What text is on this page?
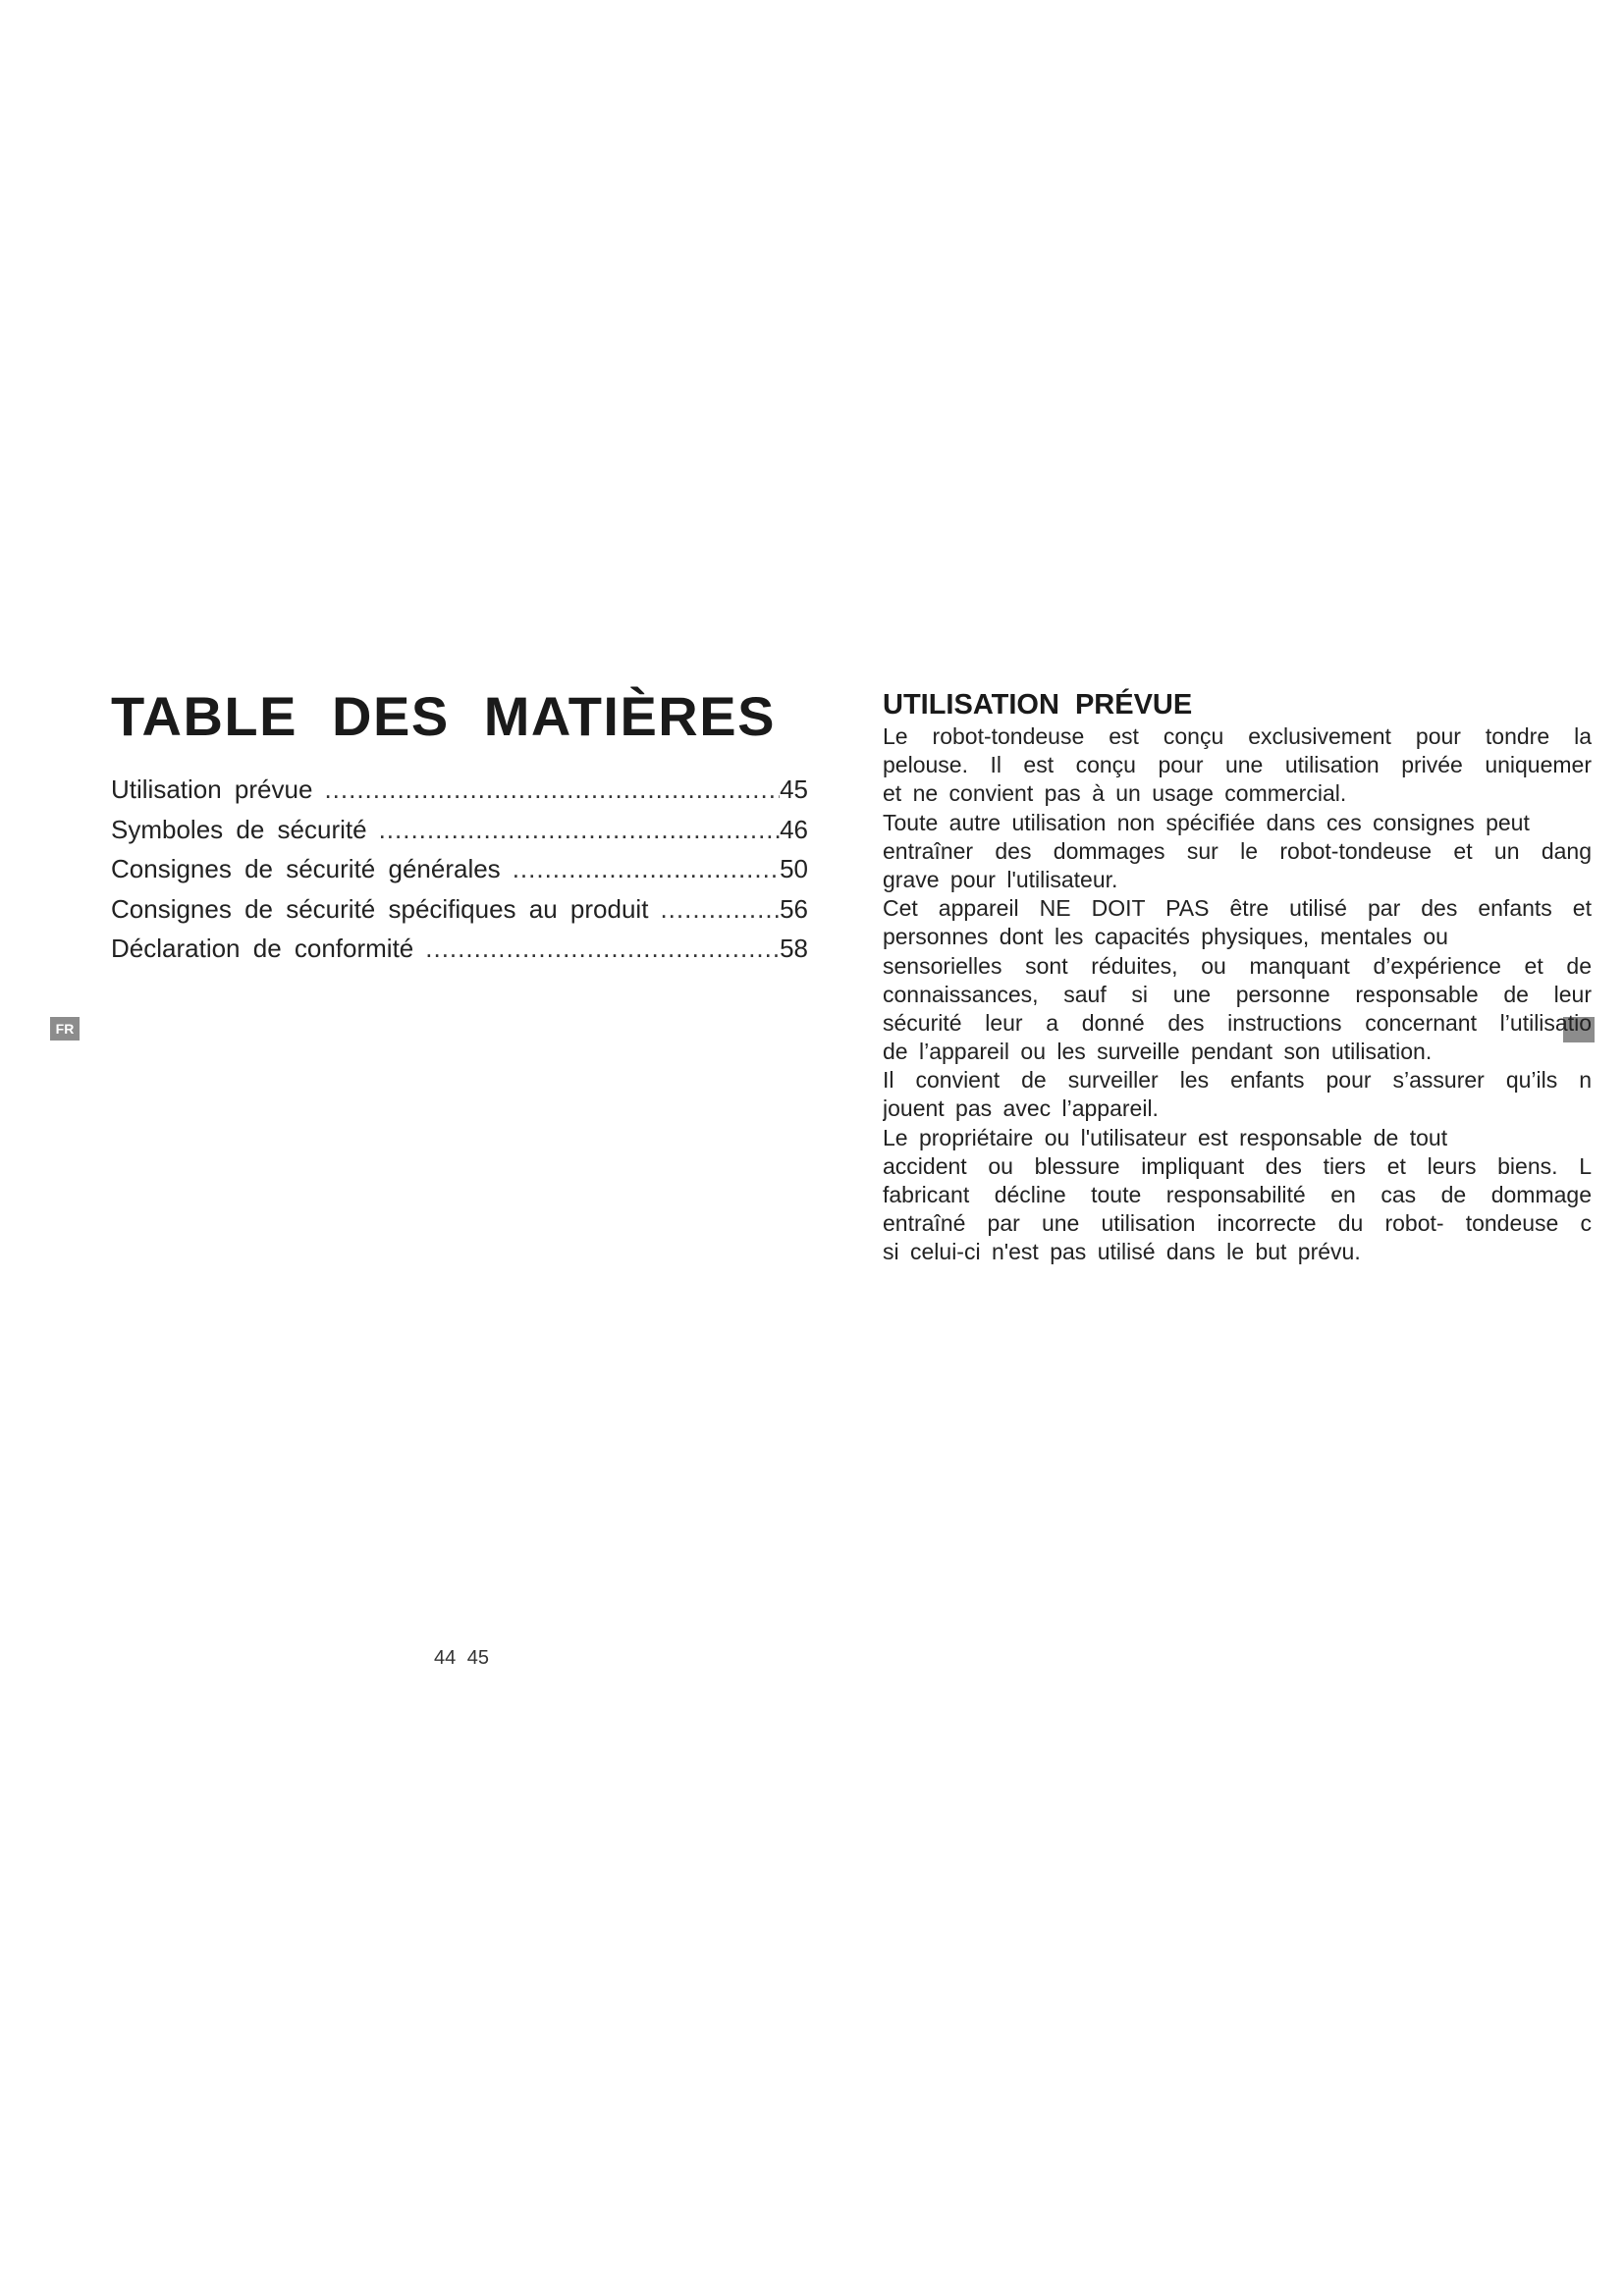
TABLE DES MATIÈRES
Utilisation prévue .....	45
Symboles de sécurité .....	46
Consignes de sécurité générales .....	50
Consignes de sécurité spécifiques au produit .....	56
Déclaration de conformité .....	58
FR
UTILISATION PRÉVUE
Le robot-tondeuse est conçu exclusivement pour tondre la
pelouse. Il est conçu pour une utilisation privée uniquemer
et ne convient pas à un usage commercial.
Toute autre utilisation non spécifiée dans ces consignes peut
entraîner des dommages sur le robot-tondeuse et un dang
grave pour l'utilisateur.
Cet appareil NE DOIT PAS être utilisé par des enfants et
personnes dont les capacités physiques, mentales ou
sensorielles sont réduites, ou manquant d’expérience et de
connaissances, sauf si une personne responsable de leur
sécurité leur a donné des instructions concernant l’utilisatio
de l’appareil ou les surveille pendant son utilisation.
Il convient de surveiller les enfants pour s’assurer qu’ils n
jouent pas avec l’appareil.
Le propriétaire ou l'utilisateur est responsable de tout
accident ou blessure impliquant des tiers et leurs biens. L
fabricant décline toute responsabilité en cas de dommage
entraîné par une utilisation incorrecte du robot- tondeuse c
si celui-ci n'est pas utilisé dans le but prévu.
44 45
